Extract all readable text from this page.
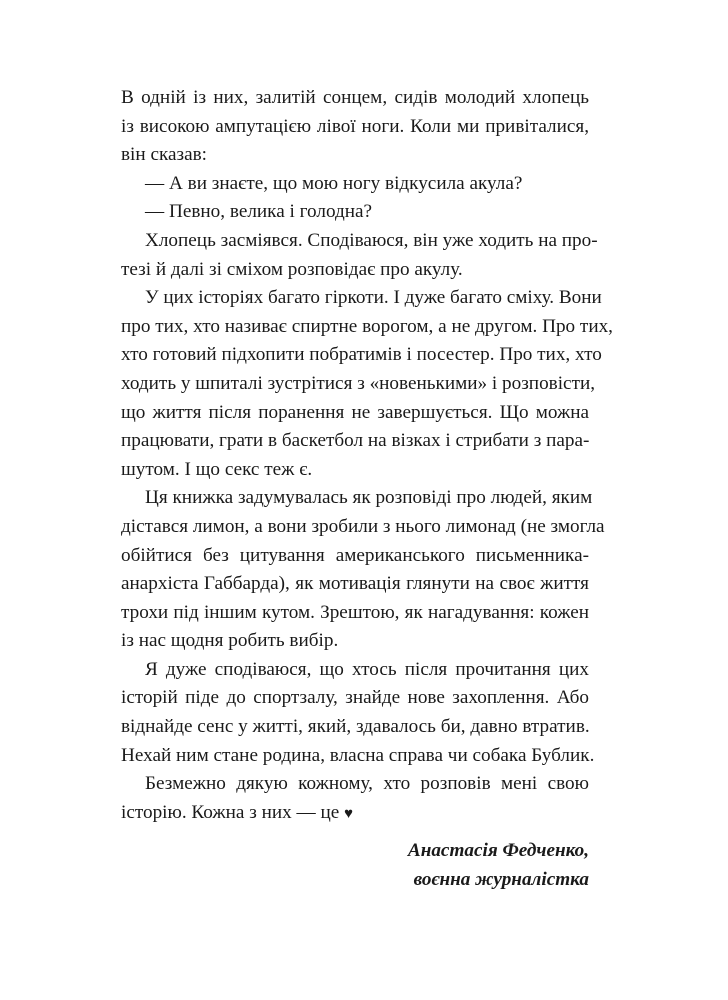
В одній із них, залитій сонцем, сидів молодий хлопець
із високою ампутацією лівої ноги. Коли ми привіталися,
він сказав:
— А ви знаєте, що мою ногу відкусила акула?
— Певно, велика і голодна?
Хлопець засміявся. Сподіваюся, він уже ходить на про-
тезі й далі зі сміхом розповідає про акулу.
У цих історіях багато гіркоти. І дуже багато сміху. Вони
про тих, хто називає спиртне ворогом, а не другом. Про тих,
хто готовий підхопити побратимів і посестер. Про тих, хто
ходить у шпиталі зустрітися з «новенькими» і розповісти,
що життя після поранення не завершується. Що можна
працювати, грати в баскетбол на візках і стрибати з пара-
шутом. І що секс теж є.
Ця книжка задумувалась як розповіді про людей, яким
дістався лимон, а вони зробили з нього лимонад (не змогла
обійтися без цитування американського письменника-
анархіста Габбарда), як мотивація глянути на своє життя
трохи під іншим кутом. Зрештою, як нагадування: кожен
із нас щодня робить вибір.
Я дуже сподіваюся, що хтось після прочитання цих
історій піде до спортзалу, знайде нове захоплення. Або
віднайде сенс у житті, який, здавалось би, давно втратив.
Нехай ним стане родина, власна справа чи собака Бублик.
Безмежно дякую кожному, хто розповів мені свою
історію. Кожна з них — це ♥
Анастасія Федченко,
воєнна журналістка
